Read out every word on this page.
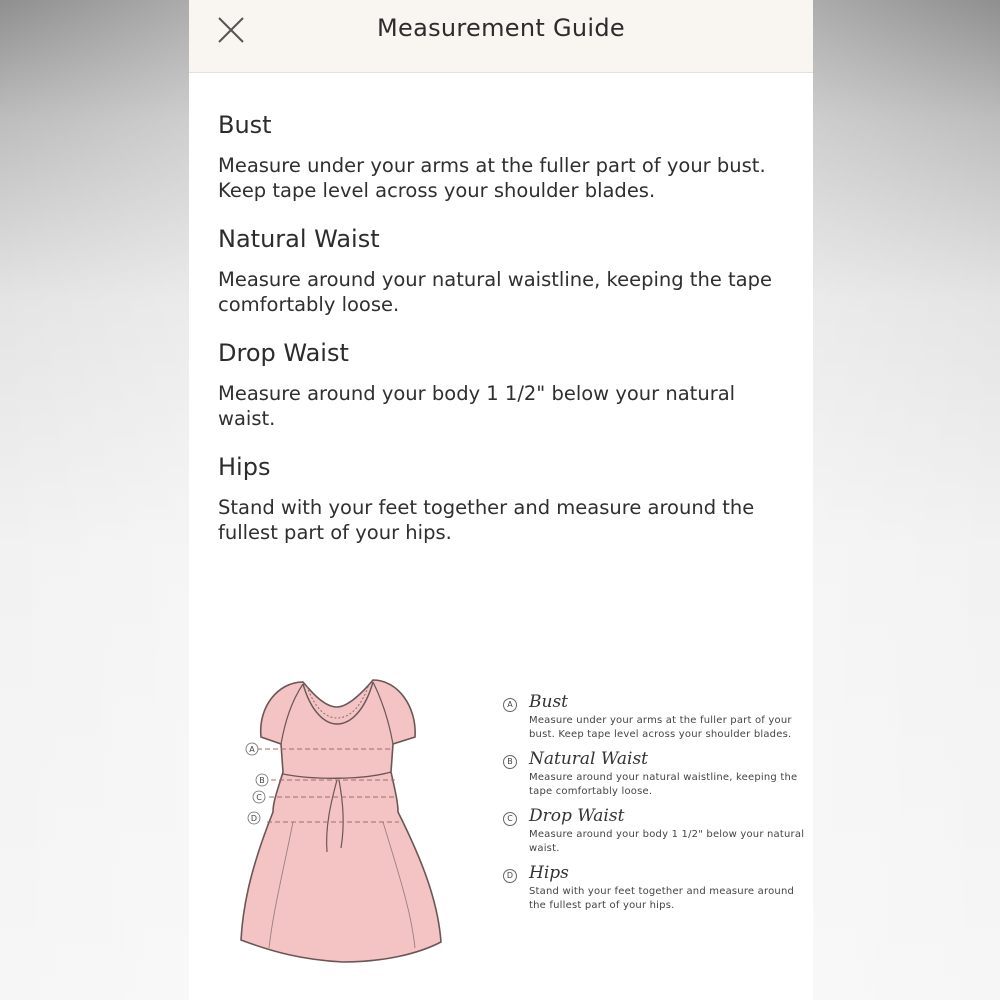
Measurement Guide

Bust

Measure under your arms at the fuller part of your bust. Keep tape level across your shoulder blades.

Natural Waist

Measure around your natural waistline, keeping the tape comfortably loose.

Drop Waist

Measure around your body 1 1/2" below your natural waist.

Hips

Stand with your feet together and measure around the fullest part of your hips.

A
B
C
D
A Bust
Measure under your arms at the fuller part of your bust. Keep tape level across your shoulder blades.
B Natural Waist
Measure around your natural waistline, keeping the tape comfortably loose.
C Drop Waist
Measure around your body 1 1/2" below your natural waist.
D Hips
Stand with your feet together and measure around the fullest part of your hips.
